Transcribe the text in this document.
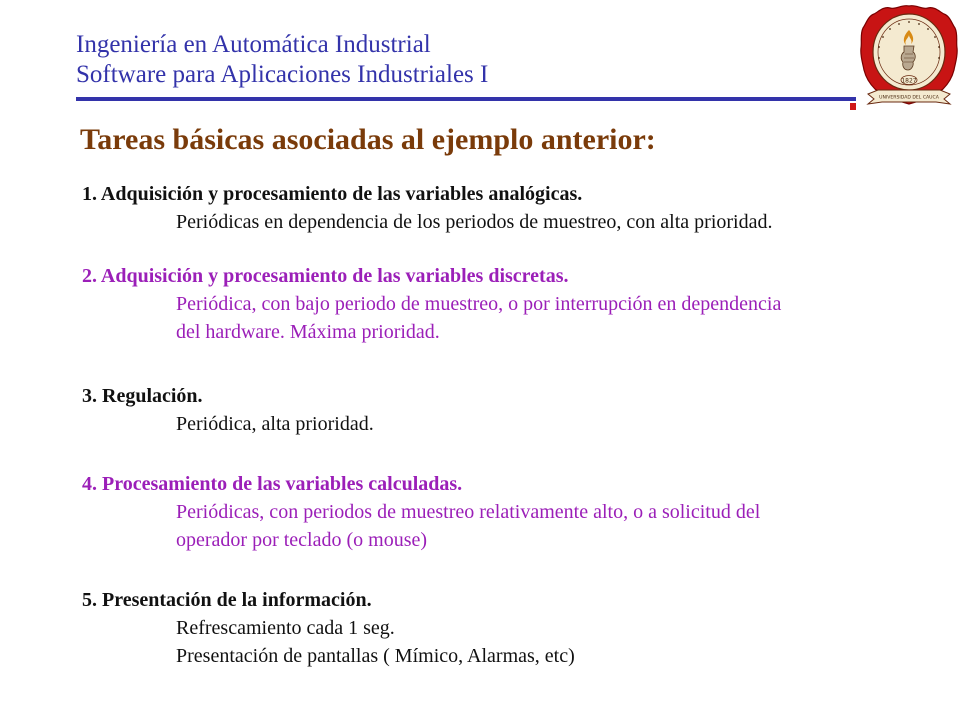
Ingeniería en Automática Industrial
Software para Aplicaciones Industriales I	1827
UNIVERSIDAD DEL CAUCA
Tareas básicas asociadas al ejemplo anterior:
1. Adquisición y procesamiento de las variables analógicas.
Periódicas en dependencia de los periodos de muestreo, con alta prioridad.
2. Adquisición y procesamiento de las variables discretas.
Periódica, con bajo periodo de muestreo, o por interrupción en dependencia
del hardware. Máxima prioridad.
3. Regulación.
Periódica, alta prioridad.
4. Procesamiento de las variables calculadas.
Periódicas, con periodos de muestreo relativamente alto, o a solicitud del
operador por teclado (o mouse)
5. Presentación de la información.
Refrescamiento cada 1 seg.
Presentación de pantallas ( Mímico, Alarmas, etc)
